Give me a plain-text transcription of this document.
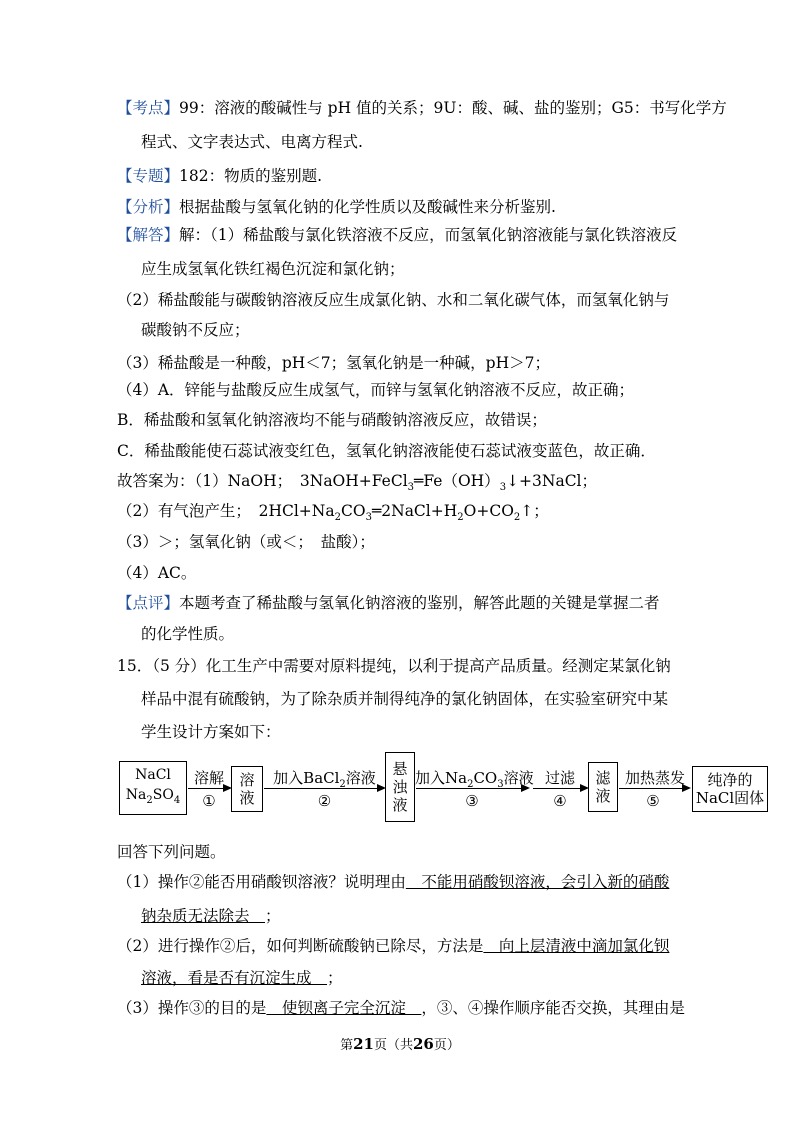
【考点】99：溶液的酸碱性与 pH 值的关系；9U：酸、碱、盐的鉴别；G5：书写化学方
程式、文字表达式、电离方程式.
【专题】182：物质的鉴别题.
【分析】根据盐酸与氢氧化钠的化学性质以及酸碱性来分析鉴别.
【解答】解：（1）稀盐酸与氯化铁溶液不反应，而氢氧化钠溶液能与氯化铁溶液反
应生成氢氧化铁红褐色沉淀和氯化钠；
（2）稀盐酸能与碳酸钠溶液反应生成氯化钠、水和二氧化碳气体，而氢氧化钠与
碳酸钠不反应；
（3）稀盐酸是一种酸，pH＜7；氢氧化钠是一种碱，pH＞7；
（4）A．锌能与盐酸反应生成氢气，而锌与氢氧化钠溶液不反应，故正确；
B．稀盐酸和氢氧化钠溶液均不能与硝酸钠溶液反应，故错误；
C．稀盐酸能使石蕊试液变红色，氢氧化钠溶液能使石蕊试液变蓝色，故正确．
故答案为：（1）NaOH；　$3NaOH+FeCl_3═Fe(OH)_3↓+3NaCl$；
（2）有气泡产生；　$2HCl+Na_2CO_3═2NaCl+H_2O+CO_2↑$；
（3）＞；氢氧化钠（或＜；　盐酸）；
（4）AC。
【点评】本题考查了稀盐酸与氢氧化钠溶液的鉴别，解答此题的关键是掌握二者
的化学性质。
15．（5 分）化工生产中需要对原料提纯，以利于提高产品质量。经测定某氯化钠
样品中混有硫酸钠，为了除杂质并制得纯净的氯化钠固体，在实验室研究中某
学生设计方案如下：
NaCl
$Na_2SO_4$
溶解
①
溶
液
加入BaCl$_2$溶液
②
悬
浊
液
加入$Na_2CO_3$溶液
③
过滤
④
滤
液
加热蒸发
⑤
纯净的
NaCl固体
回答下列问题。
（1）操作②能否用硝酸钡溶液？说明理由　不能用硝酸钡溶液，会引入新的硝酸
钠杂质无法除去　；
（2）进行操作②后，如何判断硫酸钠已除尽，方法是　向上层清液中滴加氯化钡
溶液，看是否有沉淀生成　；
（3）操作③的目的是　使钡离子完全沉淀　，③、④操作顺序能否交换，其理由是
第21页（共26页）
